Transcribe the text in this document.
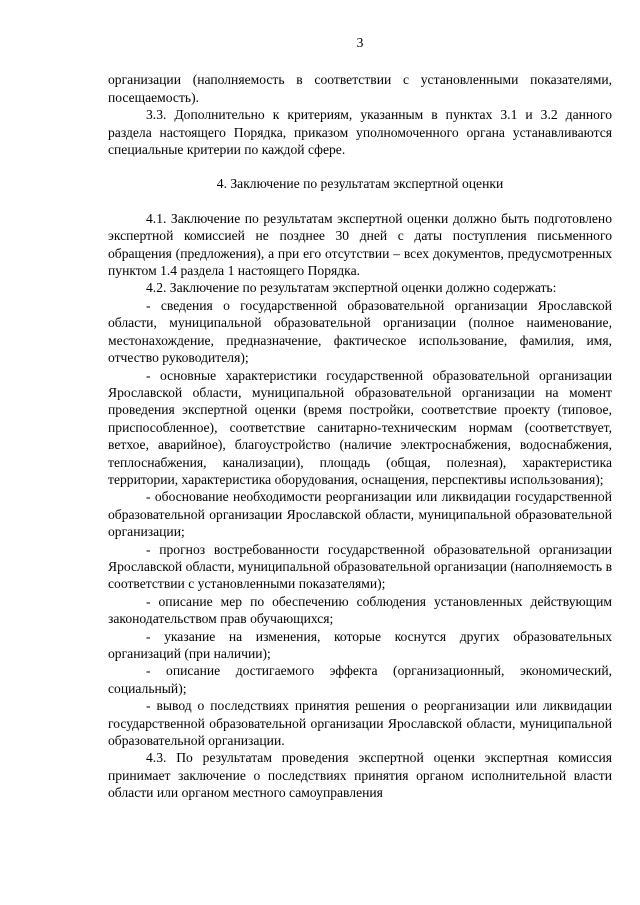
3

организации (наполняемость в соответствии с установленными показателями, посещаемость).

3.3. Дополнительно к критериям, указанным в пунктах 3.1 и 3.2 данного раздела настоящего Порядка, приказом уполномоченного органа устанавливаются специальные критерии по каждой сфере.

4. Заключение по результатам экспертной оценки

4.1. Заключение по результатам экспертной оценки должно быть подготовлено экспертной комиссией не позднее 30 дней с даты поступления письменного обращения (предложения), а при его отсутствии – всех документов, предусмотренных пунктом 1.4 раздела 1 настоящего Порядка.

4.2. Заключение по результатам экспертной оценки должно содержать:

- сведения о государственной образовательной организации Ярославской области, муниципальной образовательной организации (полное наименование, местонахождение, предназначение, фактическое использование, фамилия, имя, отчество руководителя);

- основные характеристики государственной образовательной организации Ярославской области, муниципальной образовательной организации на момент проведения экспертной оценки (время постройки, соответствие проекту (типовое, приспособленное), соответствие санитарно-техническим нормам (соответствует, ветхое, аварийное), благоустройство (наличие электроснабжения, водоснабжения, теплоснабжения, канализации), площадь (общая, полезная), характеристика территории, характеристика оборудования, оснащения, перспективы использования);

- обоснование необходимости реорганизации или ликвидации государственной образовательной организации Ярославской области, муниципальной образовательной организации;

- прогноз востребованности государственной образовательной организации Ярославской области, муниципальной образовательной организации (наполняемость в соответствии с установленными показателями);

- описание мер по обеспечению соблюдения установленных действующим законодательством прав обучающихся;

- указание на изменения, которые коснутся других образовательных организаций (при наличии);

- описание достигаемого эффекта (организационный, экономический, социальный);

- вывод о последствиях принятия решения о реорганизации или ликвидации государственной образовательной организации Ярославской области, муниципальной образовательной организации.

4.3. По результатам проведения экспертной оценки экспертная комиссия принимает заключение о последствиях принятия органом исполнительной власти области или органом местного самоуправления
